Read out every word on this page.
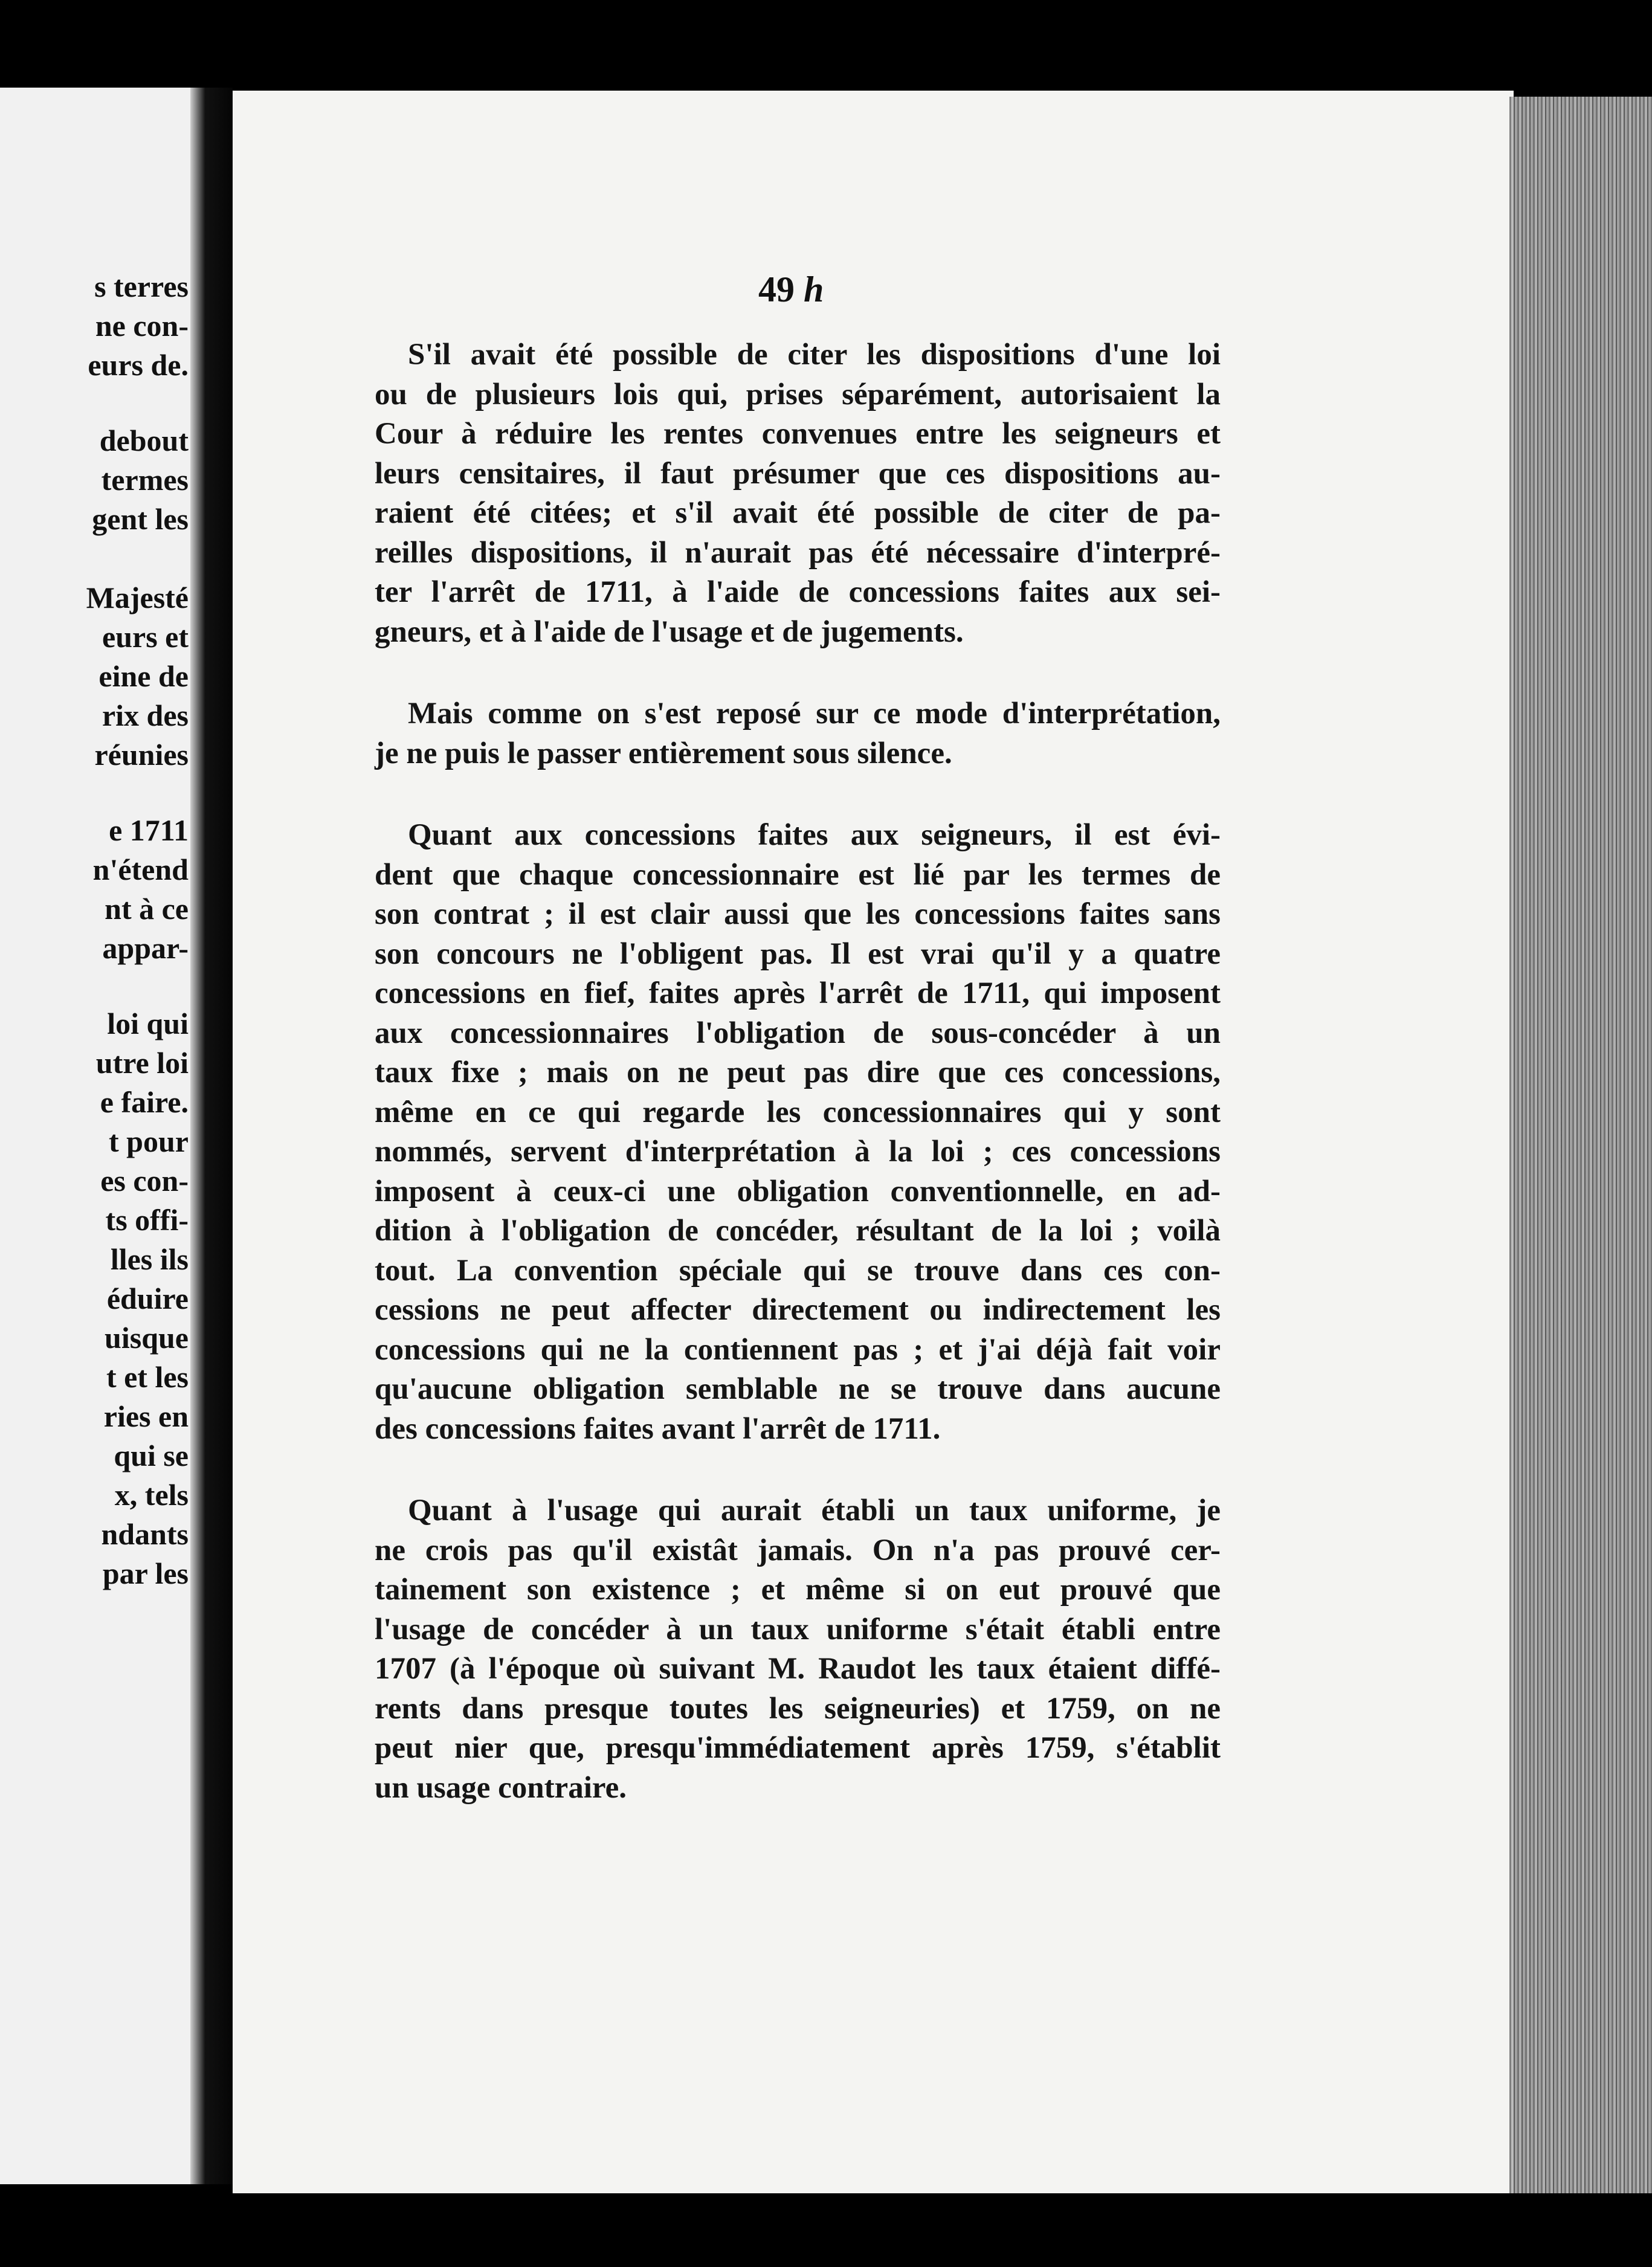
s terres
ne con-
eurs de.
debout
termes
gent les
Majesté
eurs et
eine de
rix des
réunies
e 1711
n'étend
nt à ce
appar-
loi qui
utre loi
e faire.
t pour
es con-
ts offi-
lles ils
éduire
uisque
t et les
ries en
qui se
x, tels
ndants
par les
49 h

S'il avait été possible de citer les dispositions d'une loi
ou de plusieurs lois qui, prises séparément, autorisaient la
Cour à réduire les rentes convenues entre les seigneurs et
leurs censitaires, il faut présumer que ces dispositions au-
raient été citées; et s'il avait été possible de citer de pa-
reilles dispositions, il n'aurait pas été nécessaire d'interpré-
ter l'arrêt de 1711, à l'aide de concessions faites aux sei-
gneurs, et à l'aide de l'usage et de jugements.

Mais comme on s'est reposé sur ce mode d'interprétation,
je ne puis le passer entièrement sous silence.

Quant aux concessions faites aux seigneurs, il est évi-
dent que chaque concessionnaire est lié par les termes de
son contrat ; il est clair aussi que les concessions faites sans
son concours ne l'obligent pas. Il est vrai qu'il y a quatre
concessions en fief, faites après l'arrêt de 1711, qui imposent
aux concessionnaires l'obligation de sous-concéder à un
taux fixe ; mais on ne peut pas dire que ces concessions,
même en ce qui regarde les concessionnaires qui y sont
nommés, servent d'interprétation à la loi ; ces concessions
imposent à ceux-ci une obligation conventionnelle, en ad-
dition à l'obligation de concéder, résultant de la loi ; voilà
tout. La convention spéciale qui se trouve dans ces con-
cessions ne peut affecter directement ou indirectement les
concessions qui ne la contiennent pas ; et j'ai déjà fait voir
qu'aucune obligation semblable ne se trouve dans aucune
des concessions faites avant l'arrêt de 1711.

Quant à l'usage qui aurait établi un taux uniforme, je
ne crois pas qu'il existât jamais. On n'a pas prouvé cer-
tainement son existence ; et même si on eut prouvé que
l'usage de concéder à un taux uniforme s'était établi entre
1707 (à l'époque où suivant M. Raudot les taux étaient diffé-
rents dans presque toutes les seigneuries) et 1759, on ne
peut nier que, presqu'immédiatement après 1759, s'établit
un usage contraire.
